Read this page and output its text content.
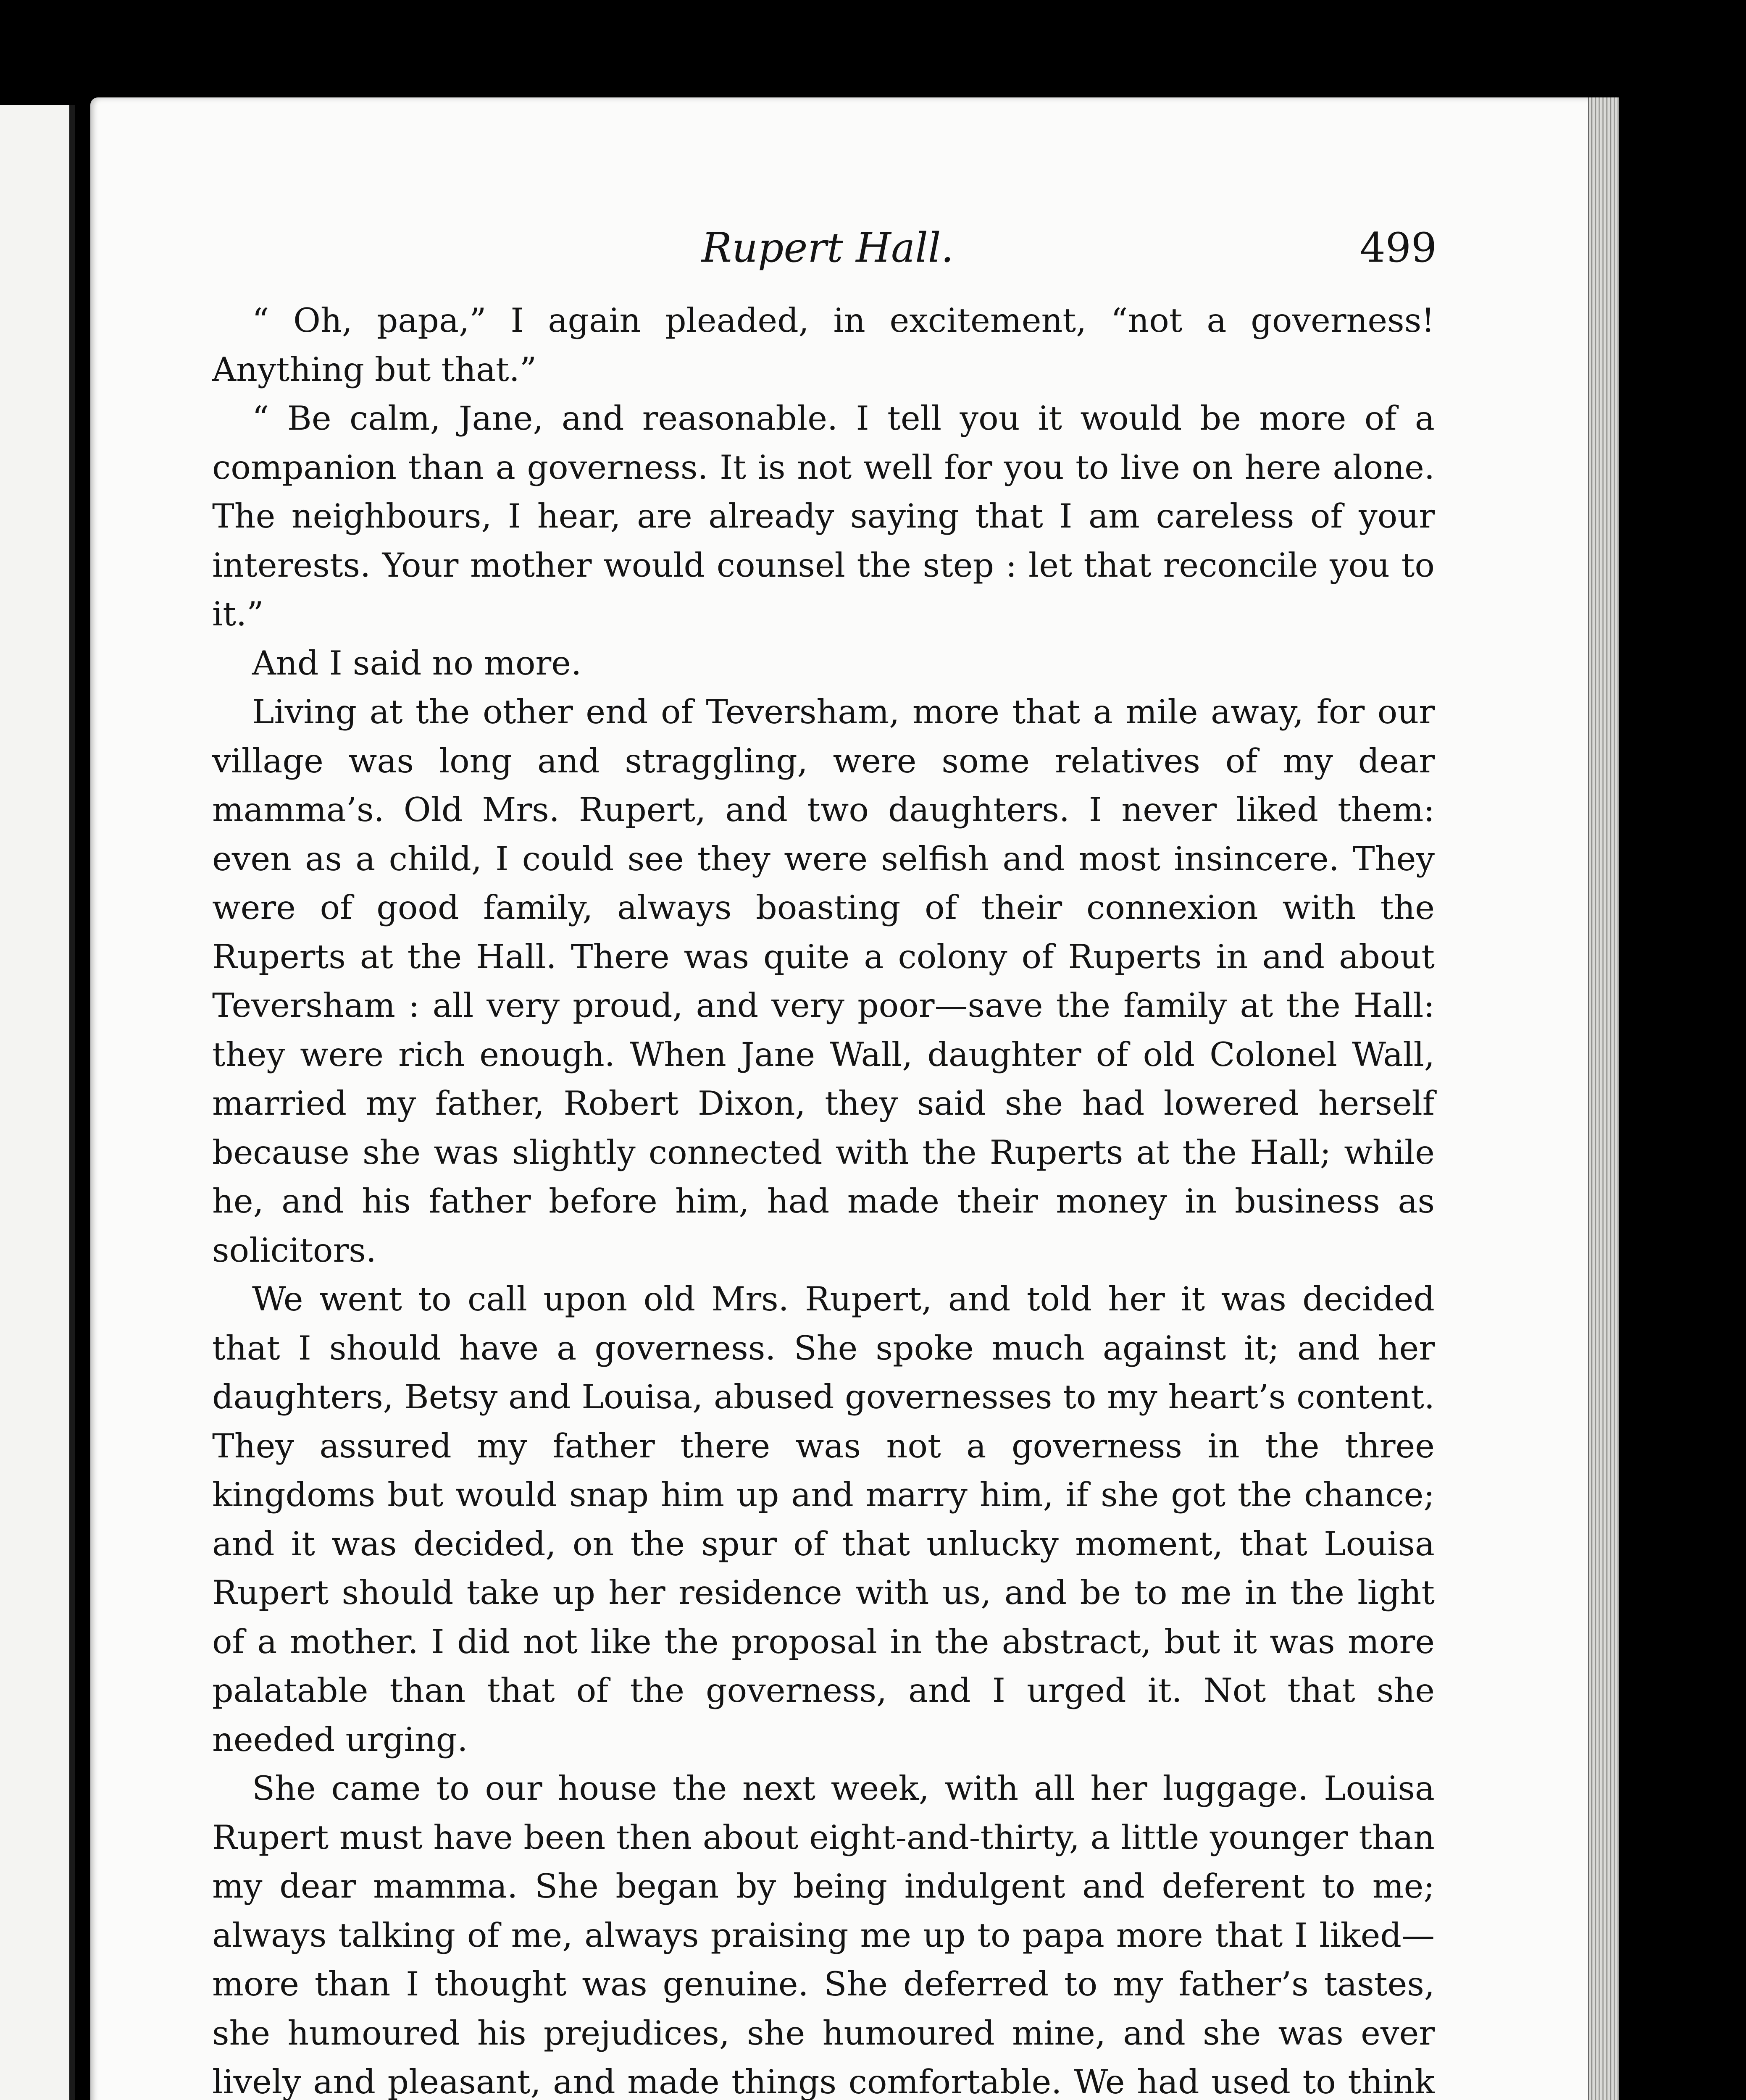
Rupert Hall.	499

“ Oh, papa,” I again pleaded, in excitement, “not a governess! Anything but that.”

“ Be calm, Jane, and reasonable. I tell you it would be more of a companion than a governess. It is not well for you to live on here alone. The neighbours, I hear, are already saying that I am careless of your interests. Your mother would counsel the step : let that reconcile you to it.”

And I said no more.

Living at the other end of Teversham, more that a mile away, for our village was long and straggling, were some relatives of my dear mamma’s. Old Mrs. Rupert, and two daughters. I never liked them: even as a child, I could see they were selfish and most insincere. They were of good family, always boasting of their connexion with the Ruperts at the Hall. There was quite a colony of Ruperts in and about Teversham : all very proud, and very poor—save the family at the Hall: they were rich enough. When Jane Wall, daughter of old Colonel Wall, married my father, Robert Dixon, they said she had lowered herself because she was slightly connected with the Ruperts at the Hall; while he, and his father before him, had made their money in business as solicitors.

We went to call upon old Mrs. Rupert, and told her it was decided that I should have a governess. She spoke much against it; and her daughters, Betsy and Louisa, abused governesses to my heart’s content. They assured my father there was not a governess in the three kingdoms but would snap him up and marry him, if she got the chance; and it was decided, on the spur of that unlucky moment, that Louisa Rupert should take up her residence with us, and be to me in the light of a mother. I did not like the proposal in the abstract, but it was more palatable than that of the governess, and I urged it. Not that she needed urging.

She came to our house the next week, with all her luggage. Louisa Rupert must have been then about eight-and-thirty, a little younger than my dear mamma. She began by being indulgent and deferent to me; always talking of me, always praising me up to papa more that I liked—more than I thought was genuine. She deferred to my father’s tastes, she humoured his prejudices, she humoured mine, and she was ever lively and pleasant, and made things comfortable. We had used to think
